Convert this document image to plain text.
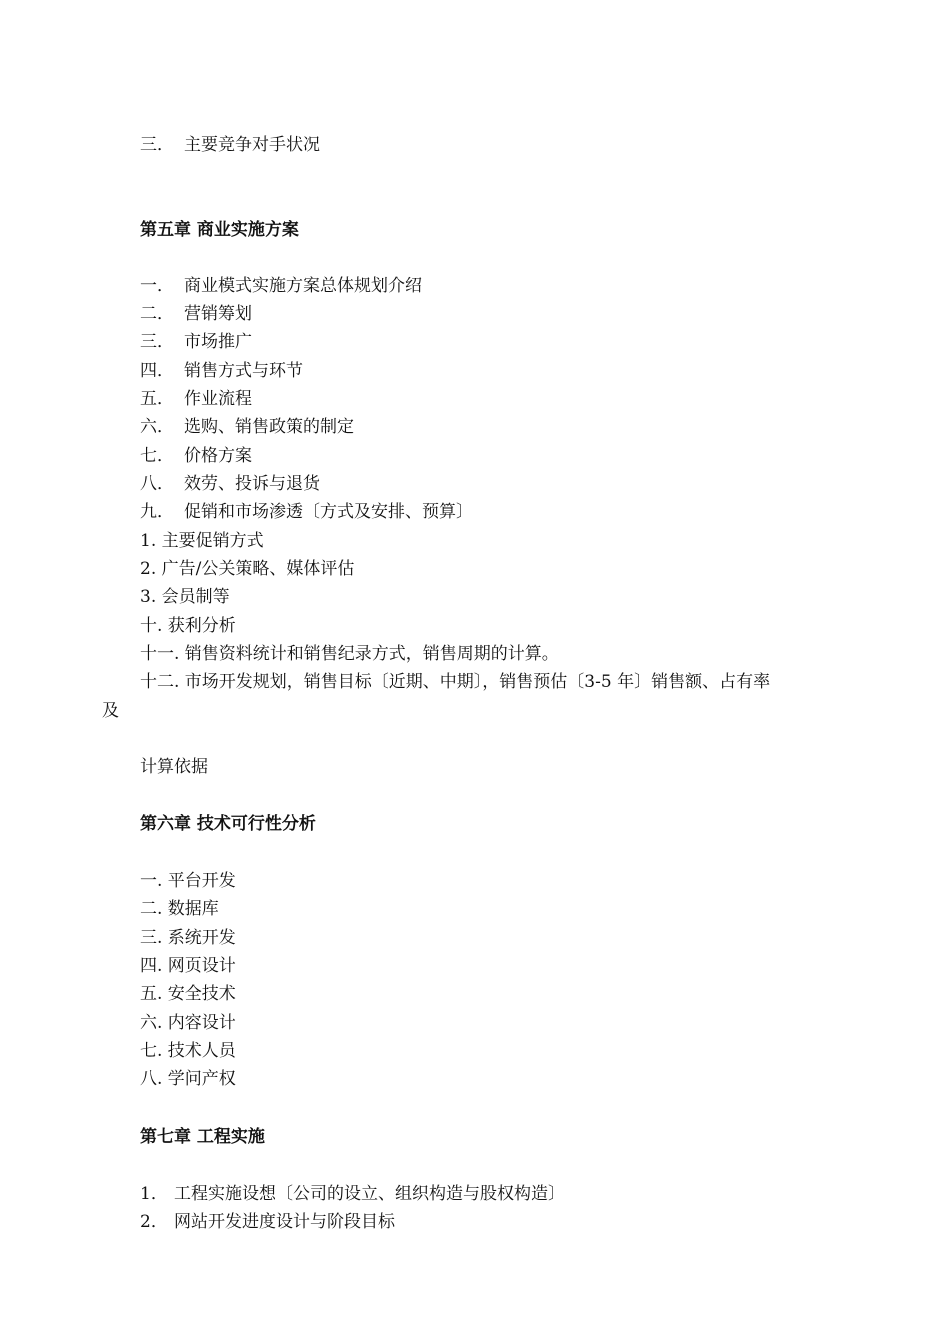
三． 主要竞争对手状况
第五章 商业实施方案
一． 商业模式实施方案总体规划介绍
二． 营销筹划
三． 市场推广
四． 销售方式与环节
五． 作业流程
六． 选购、销售政策的制定
七． 价格方案
八． 效劳、投诉与退货
九． 促销和市场渗透〔方式及安排、预算〕
1. 主要促销方式
2. 广告/公关策略、媒体评估
3. 会员制等
十. 获利分析
十一. 销售资料统计和销售纪录方式，销售周期的计算。
十二. 市场开发规划，销售目标〔近期、中期〕，销售预估〔3-5 年〕销售额、占有率
及
计算依据
第六章 技术可行性分析
一. 平台开发
二. 数据库
三. 系统开发
四. 网页设计
五. 安全技术
六. 内容设计
七. 技术人员
八. 学问产权
第七章 工程实施
1． 工程实施设想〔公司的设立、组织构造与股权构造〕
2． 网站开发进度设计与阶段目标
